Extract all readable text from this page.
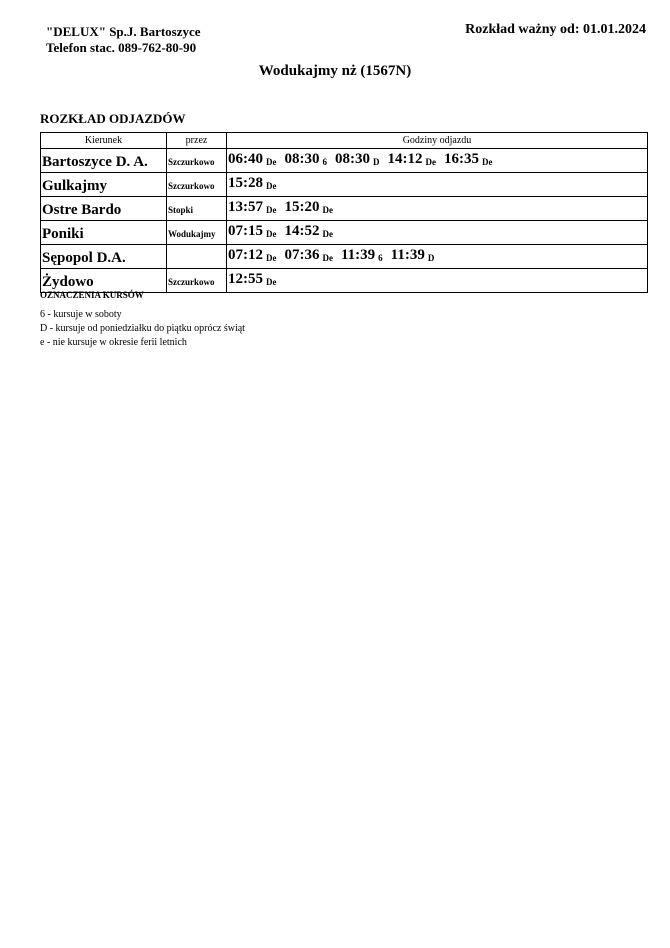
"DELUX" Sp.J. Bartoszyce
Telefon stac. 089-762-80-90
Rozkład ważny od: 01.01.2024
Wodukajmy nż (1567N)
ROZKŁAD ODJAZDÓW
Kierunek	przez	Godziny odjazdu
Bartoszyce D. A.	Szczurkowo	06:40 De 08:30 6 08:30 D 14:12 De 16:35 De
Gulkajmy	Szczurkowo	15:28 De
Ostre Bardo	Stopki	13:57 De 15:20 De
Poniki	Wodukajmy	07:15 De 14:52 De
Sępopol D.A.		07:12 De 07:36 De 11:39 6 11:39 D
Żydowo	Szczurkowo	12:55 De
OZNACZENIA KURSÓW
6 - kursuje w soboty
D - kursuje od poniedziałku do piątku oprócz świąt
e - nie kursuje w okresie ferii letnich
